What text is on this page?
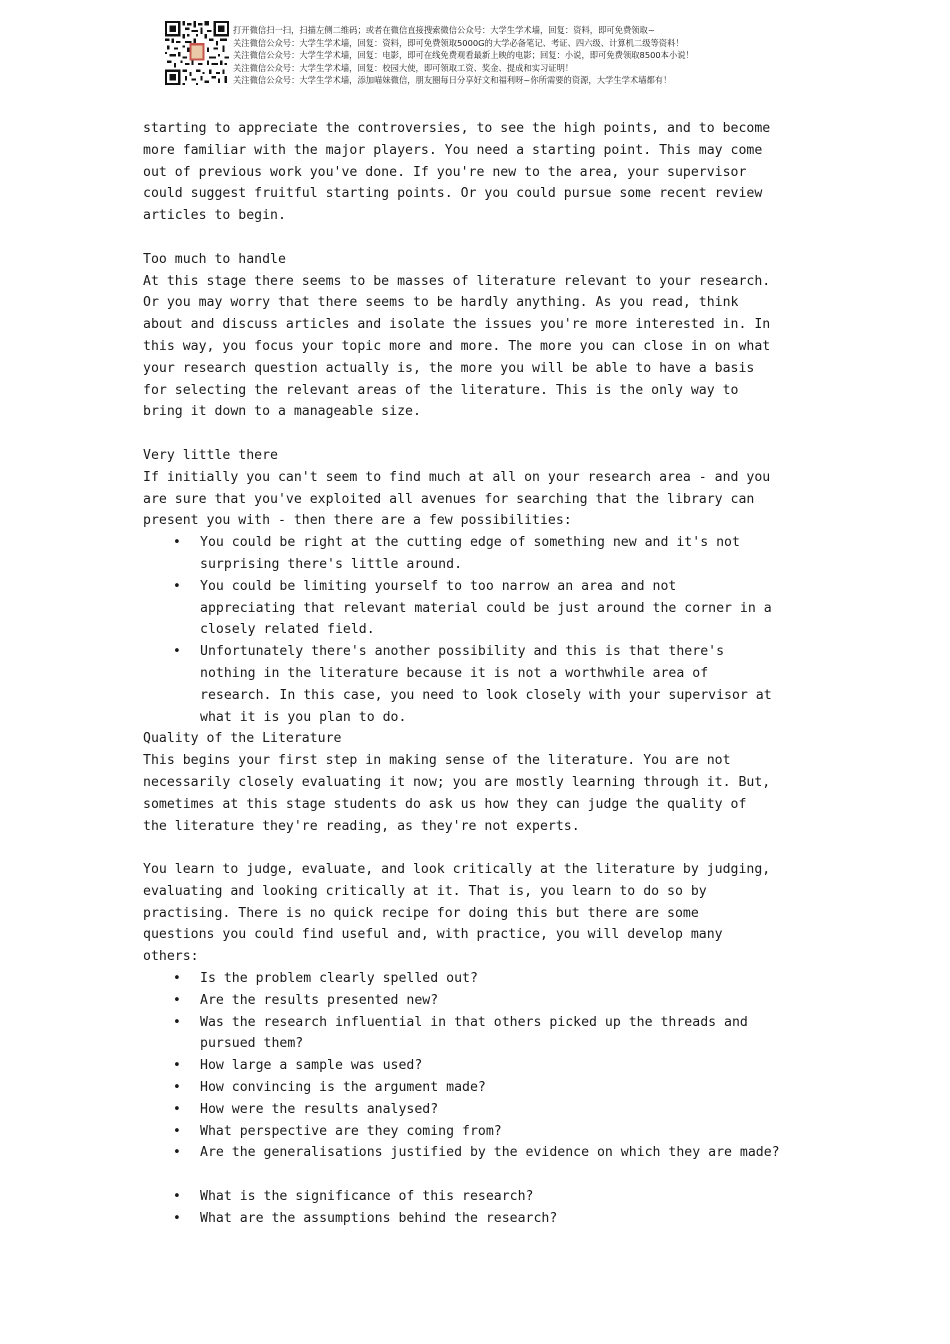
打开微信扫一扫，扫描左侧二维码；或者在微信直接搜索微信公众号：大学生学术墙，回复：资料，即可免费领取~
关注微信公众号：大学生学术墙，回复：资料，即可免费领取5000G的大学必备笔记、考证、四六级、计算机二级等资料！
关注微信公众号：大学生学术墙，回复：电影，即可在线免费观看最新上映的电影；回复：小说，即可免费领取8500本小说！
关注微信公众号：大学生学术墙，回复：校园大使，即可领取工资、奖金、提成和实习证明！
关注微信公众号：大学生学术墙，添加喵妹微信，朋友圈每日分享好文和福利呀~你所需要的资源，大学生学术墙都有！

starting to appreciate the controversies, to see the high points, and to become

more familiar with the major players. You need a starting point. This may come

out of previous work you've done. If you're new to the area, your supervisor

could suggest fruitful starting points. Or you could pursue some recent review

articles to begin.

Too much to handle

At this stage there seems to be masses of literature relevant to your research.

Or you may worry that there seems to be hardly anything. As you read, think

about and discuss articles and isolate the issues you're more interested in. In

this way, you focus your topic more and more. The more you can close in on what

your research question actually is, the more you will be able to have a basis

for selecting the relevant areas of the literature. This is the only way to

bring it down to a manageable size.

Very little there

If initially you can't seem to find much at all on your research area - and you

are sure that you've exploited all avenues for searching that the library can

present you with - then there are a few possibilities:

• You could be right at the cutting edge of something new and it's not
surprising there's little around.
• You could be limiting yourself to too narrow an area and not
appreciating that relevant material could be just around the corner in a
closely related field.
• Unfortunately there's another possibility and this is that there's
nothing in the literature because it is not a worthwhile area of
research. In this case, you need to look closely with your supervisor at
what it is you plan to do.

Quality of the Literature

This begins your first step in making sense of the literature. You are not

necessarily closely evaluating it now; you are mostly learning through it. But,

sometimes at this stage students do ask us how they can judge the quality of

the literature they're reading, as they're not experts.

You learn to judge, evaluate, and look critically at the literature by judging,

evaluating and looking critically at it. That is, you learn to do so by

practising. There is no quick recipe for doing this but there are some

questions you could find useful and, with practice, you will develop many

others:

• Is the problem clearly spelled out?
• Are the results presented new?
• Was the research influential in that others picked up the threads and
pursued them?
• How large a sample was used?
• How convincing is the argument made?
• How were the results analysed?
• What perspective are they coming from?
• Are the generalisations justified by the evidence on which they are made?
• What is the significance of this research?
• What are the assumptions behind the research?
